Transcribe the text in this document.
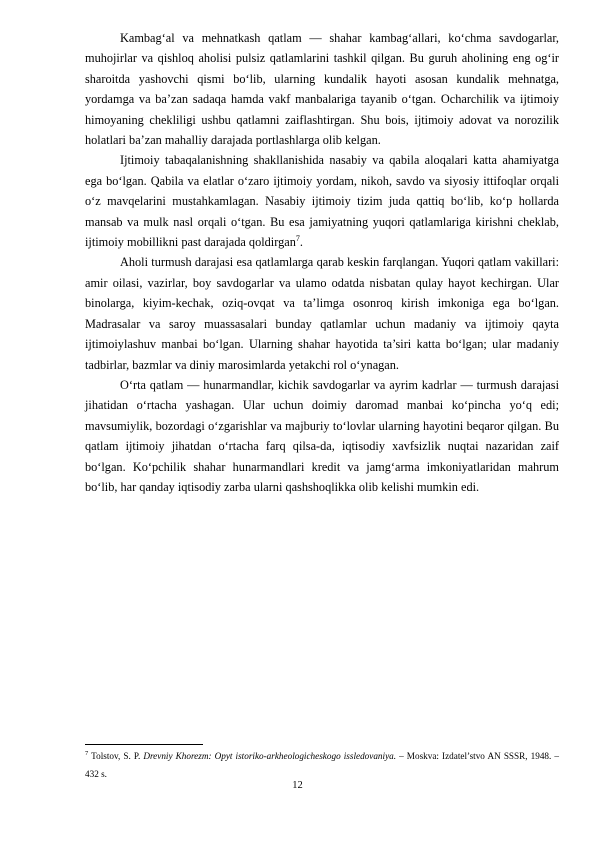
Kambag‘al va mehnatkash qatlam — shahar kambag‘allari, ko‘chma savdogarlar, muhojirlar va qishloq aholisi pulsiz qatlamlarini tashkil qilgan. Bu guruh aholining eng og‘ir sharoitda yashovchi qismi bo‘lib, ularning kundalik hayoti asosan kundalik mehnatga, yordamga va ba’zan sadaqa hamda vakf manbalariga tayanib o‘tgan. Ocharchilik va ijtimoiy himoyaning chekliligi ushbu qatlamni zaiflashtirgan. Shu bois, ijtimoiy adovat va norozilik holatlari ba’zan mahalliy darajada portlashlarga olib kelgan.

Ijtimoiy tabaqalanishning shakllanishida nasabiy va qabila aloqalari katta ahamiyatga ega bo‘lgan. Qabila va elatlar o‘zaro ijtimoiy yordam, nikoh, savdo va siyosiy ittifoqlar orqali o‘z mavqelarini mustahkamlagan. Nasabiy ijtimoiy tizim juda qattiq bo‘lib, ko‘p hollarda mansab va mulk nasl orqali o‘tgan. Bu esa jamiyatning yuqori qatlamlariga kirishni cheklab, ijtimoiy mobillikni past darajada qoldirgan$^7$.

Aholi turmush darajasi esa qatlamlarga qarab keskin farqlangan. Yuqori qatlam vakillari: amir oilasi, vazirlar, boy savdogarlar va ulamo odatda nisbatan qulay hayot kechirgan. Ular binolarga, kiyim-kechak, oziq-ovqat va ta’limga osonroq kirish imkoniga ega bo‘lgan. Madrasalar va saroy muassasalari bunday qatlamlar uchun madaniy va ijtimoiy qayta ijtimoiylashuv manbai bo‘lgan. Ularning shahar hayotida ta’siri katta bo‘lgan; ular madaniy tadbirlar, bazmlar va diniy marosimlarda yetakchi rol o‘ynagan.

O‘rta qatlam — hunarmandlar, kichik savdogarlar va ayrim kadrlar — turmush darajasi jihatidan o‘rtacha yashagan. Ular uchun doimiy daromad manbai ko‘pincha yo‘q edi; mavsumiylik, bozordagi o‘zgarishlar va majburiy to‘lovlar ularning hayotini beqaror qilgan. Bu qatlam ijtimoiy jihatdan o‘rtacha farq qilsa-da, iqtisodiy xavfsizlik nuqtai nazaridan zaif bo‘lgan. Ko‘pchilik shahar hunarmandlari kredit va jamg‘arma imkoniyatlaridan mahrum bo‘lib, har qanday iqtisodiy zarba ularni qashshoqlikka olib kelishi mumkin edi.

$^7$ Tolstov, S. P. Drevniy Khorezm: Opyt istoriko-arkheologicheskogo issledovaniya. – Moskva: Izdatel’stvo AN SSSR, 1948. – 432 s.
12
